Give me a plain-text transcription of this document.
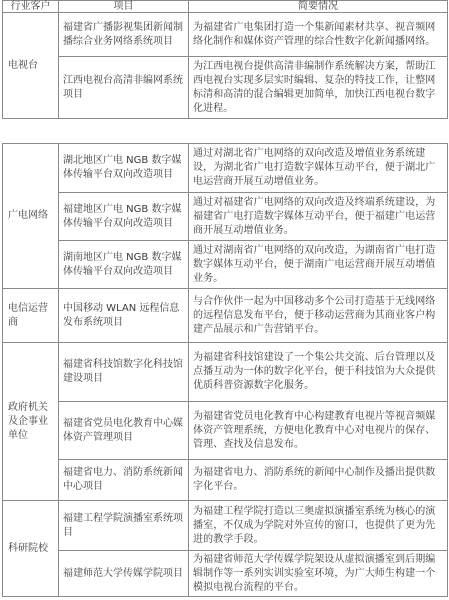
行业客户	项目	简要情况
电视台	福建省广播影视集团新闻制播综合业务网络系统项目	为福建省广电集团打造一个集新闻素材共享、视音频网络化制作和媒体资产管理的综合性数字化新闻播网络。
	江西电视台高清非编网系统项目	为江西电视台提供高清非编制作系统解决方案，帮助江西电视台实现多层实时编辑、复杂的特技工作，让整网标清和高清的混合编辑更加简单，加快江西电视台数字化进程。
广电网络	湖北地区广电 NGB 数字媒体传输平台双向改造项目	通过对湖北省广电网络的双向改造及增值业务系统建设，为湖北省广电打造数字媒体互动平台，便于湖北广电运营商开展互动增值业务。
	福建地区广电 NGB 数字媒体传输平台双向改造项目	通过对福建省广电网络的双向改造及终端系统建设，为福建省广电打造数字媒体互动平台，便于福建广电运营商开展互动增值业务。
	湖南地区广电 NGB 数字媒体传输平台双向改造项目	通过对湖南省广电网络的双向改造，为湖南省广电打造数字媒体互动平台，便于湖南广电运营商开展互动增值业务。
电信运营商	中国移动 WLAN 远程信息发布系统项目	与合作伙伴一起为中国移动多个公司打造基于无线网络的远程信息发布平台，便于移动运营商为其商业客户构建产品展示和广告营销平台。
政府机关及企事业单位	福建省科技馆数字化科技馆建设项目	为福建省科技馆建设了一个集公共交流、后台管理以及点播互动为一体的数字化平台，便于科技馆为大众提供优质科普资源数字化服务。
	福建省党员电化教育中心媒体资产管理项目	为福建省党员电化教育中心构建教育电视片等视音频媒体资产管理系统，方便电化教育中心对电视片的保存、管理、查找及信息发布。
	福建省电力、消防系统新闻中心项目	为福建省电力、消防系统的新闻中心制作及播出提供数字化平台。
科研院校	福建工程学院演播室系统项目	为福建工程学院打造以三奥虚拟演播室系统为核心的演播室，不仅成为学院对外宣传的窗口，也提供了更为先进的教学手段。
	福建师范大学传媒学院项目	为福建省师范大学传媒学院架设从虚拟演播室到后期编辑制作等一系列实训实验室环境，为广大师生构建一个模拟电视台流程的平台。
